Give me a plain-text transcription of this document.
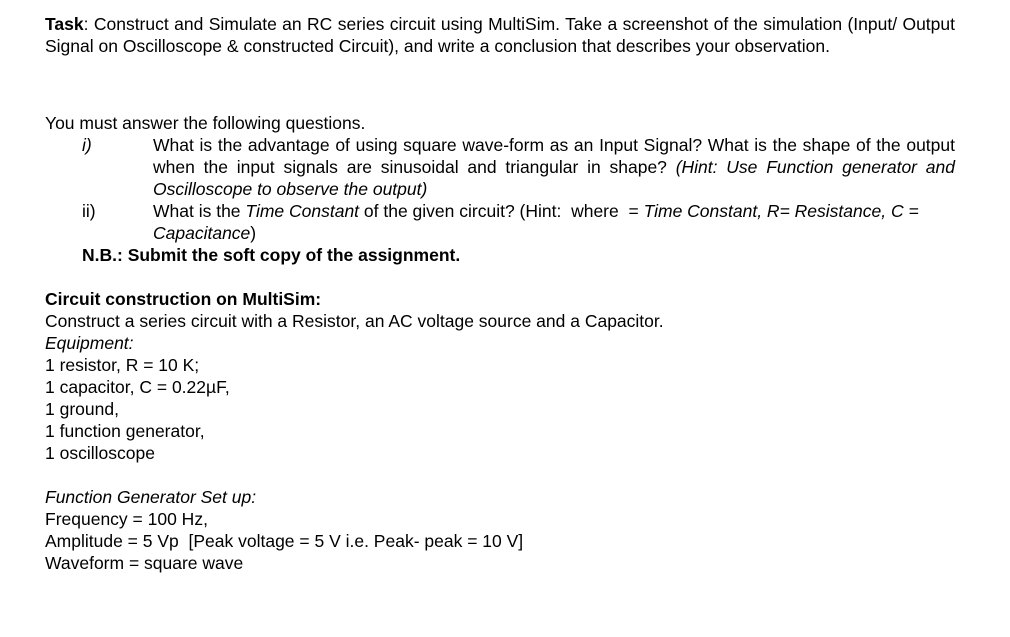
Task: Construct and Simulate an RC series circuit using MultiSim. Take a screenshot of the simulation (Input/ Output Signal on Oscilloscope & constructed Circuit), and write a conclusion that describes your observation.

You must answer the following questions.

i)	What is the advantage of using square wave-form as an Input Signal? What is the shape of the output when the input signals are sinusoidal and triangular in shape? (Hint: Use Function generator and Oscilloscope to observe the output)
ii)	What is the Time Constant of the given circuit? (Hint:  where  = Time Constant, R= Resistance, C = Capacitance)

N.B.: Submit the soft copy of the assignment.

Circuit construction on MultiSim:

Construct a series circuit with a Resistor, an AC voltage source and a Capacitor.

Equipment:

1 resistor, R = 10 K;

1 capacitor, C = 0.22µF,

1 ground,

1 function generator,

1 oscilloscope

Function Generator Set up:

Frequency = 100 Hz,

Amplitude = 5 Vp  [Peak voltage = 5 V i.e. Peak- peak = 10 V]

Waveform = square wave
